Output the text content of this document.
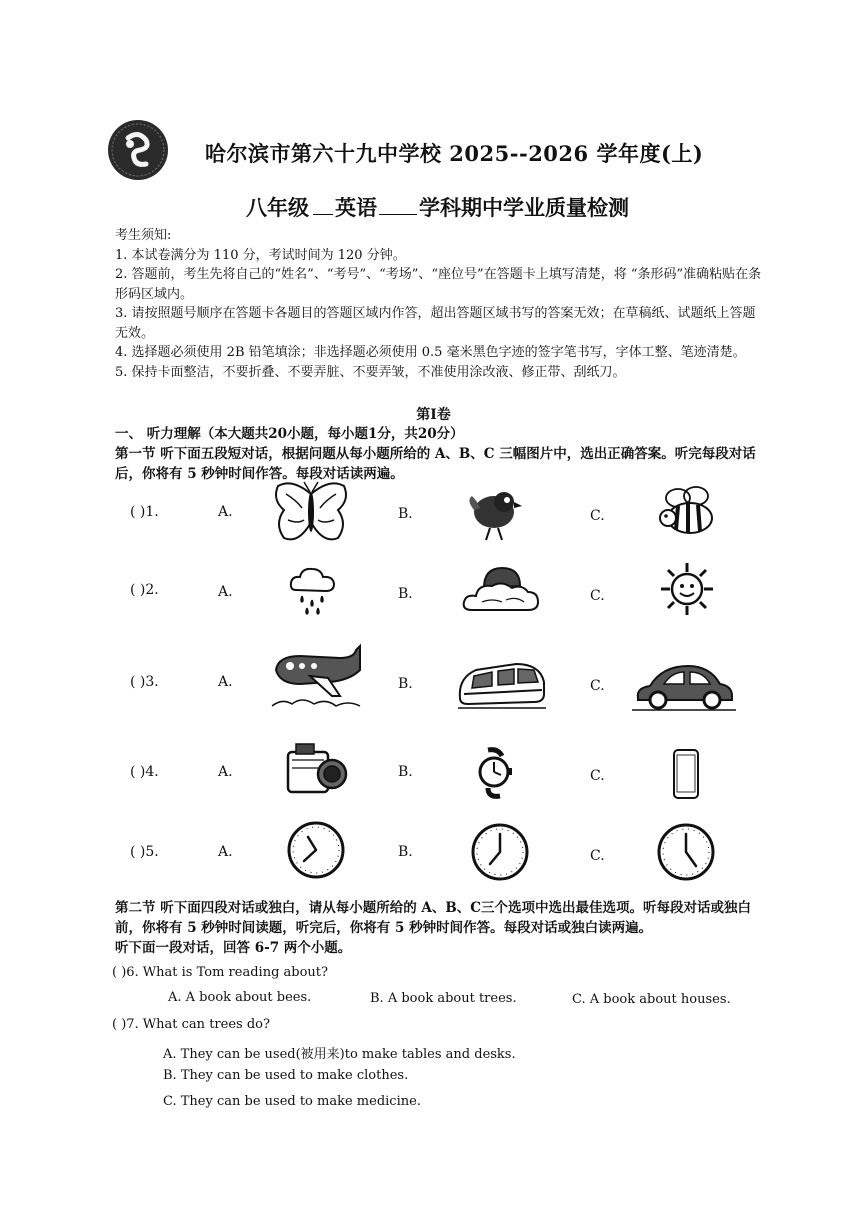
哈尔滨市第六十九中学校 2025--2026 学年度(上)
八年级 英语 学科期中学业质量检测

考生须知:

1. 本试卷满分为 110 分，考试时间为 120 分钟。

2. 答题前，考生先将自己的“姓名”、“考号”、“考场”、“座位号”在答题卡上填写清楚，将 “条形码”准确粘贴在条形码区域内。

3. 请按照题号顺序在答题卡各题目的答题区域内作答，超出答题区域书写的答案无效；在草稿纸、试题纸上答题无效。

4. 选择题必须使用 2B 铅笔填涂；非选择题必须使用 0.5 毫米黑色字迹的签字笔书写，字体工整、笔迹清楚。

5. 保持卡面整洁，不要折叠、不要弄脏、不要弄皱，不准使用涂改液、修正带、刮纸刀。

第Ⅰ卷

一、 听力理解（本大题共20小题，每小题1分，共20分）

第一节 听下面五段短对话，根据问题从每小题所给的 A、B、C 三幅图片中，选出正确答案。听完每段对话后，你将有 5 秒钟时间作答。每段对话读两遍。

( )1.	A.	B.	C.
( )2.	A.	B.	C.
( )3.	A.	B.	C.
( )4.	A.	B.	C.
( )5.	A.	B.	C.

第二节 听下面四段对话或独白，请从每小题所给的 A、B、C三个选项中选出最佳选项。听每段对话或独白前，你将有 5 秒钟时间读题，听完后，你将有 5 秒钟时间作答。每段对话或独白读两遍。

听下面一段对话，回答 6-7 两个小题。

( )6. What is Tom reading about?
A. A book about bees.	B. A book about trees.	C. A book about houses.
( )7. What can trees do?
A. They can be used(被用来)to make tables and desks.
B. They can be used to make clothes.
C. They can be used to make medicine.
